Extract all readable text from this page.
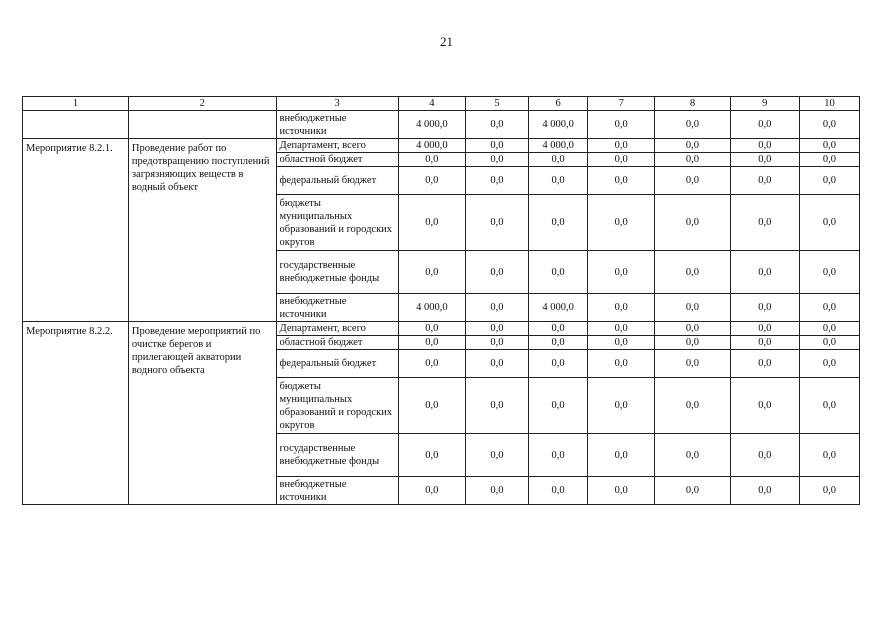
21
1	2	3	4	5	6	7	8	9	10
		внебюджетные источники	4 000,0	0,0	4 000,0	0,0	0,0	0,0	0,0
Мероприятие 8.2.1.	Проведение работ по предотвращению поступлений загрязняющих веществ в водный объект	Департамент, всего	4 000,0	0,0	4 000,0	0,0	0,0	0,0	0,0
		областной бюджет	0,0	0,0	0,0	0,0	0,0	0,0	0,0
		федеральный бюджет	0,0	0,0	0,0	0,0	0,0	0,0	0,0
		бюджеты муниципальных образований и городских округов	0,0	0,0	0,0	0,0	0,0	0,0	0,0
		государственные внебюджетные фонды	0,0	0,0	0,0	0,0	0,0	0,0	0,0
		внебюджетные источники	4 000,0	0,0	4 000,0	0,0	0,0	0,0	0,0
Мероприятие 8.2.2.	Проведение мероприятий по очистке берегов и прилегающей акватории водного объекта	Департамент, всего	0,0	0,0	0,0	0,0	0,0	0,0	0,0
		областной бюджет	0,0	0,0	0,0	0,0	0,0	0,0	0,0
		федеральный бюджет	0,0	0,0	0,0	0,0	0,0	0,0	0,0
		бюджеты муниципальных образований и городских округов	0,0	0,0	0,0	0,0	0,0	0,0	0,0
		государственные внебюджетные фонды	0,0	0,0	0,0	0,0	0,0	0,0	0,0
		внебюджетные источники	0,0	0,0	0,0	0,0	0,0	0,0	0,0
